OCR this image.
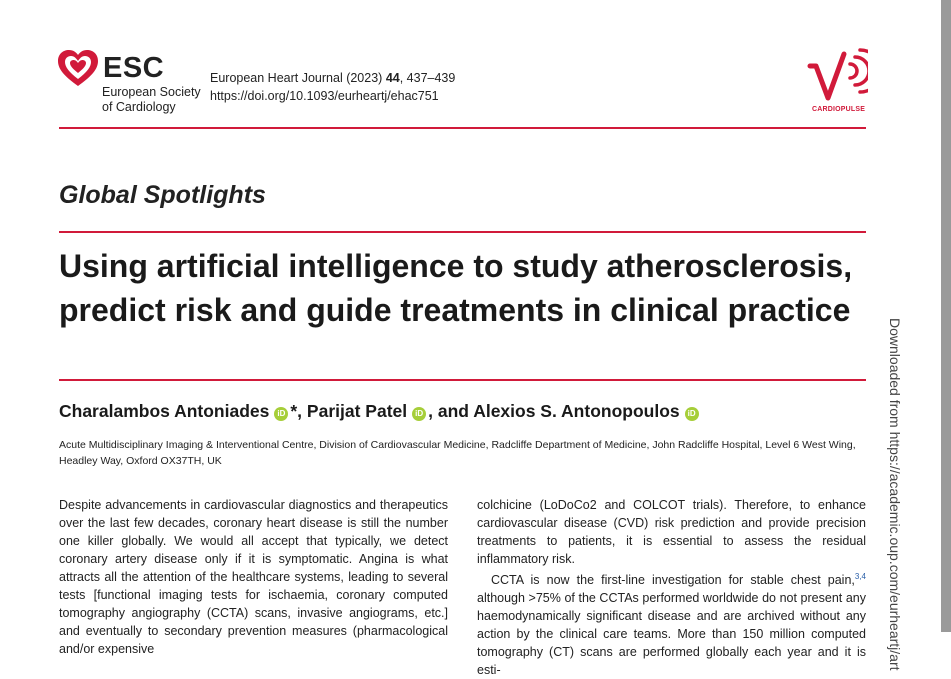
Downloaded from https://academic.oup.com/eurheartj/art
ESC
European Society
of Cardiology
European Heart Journal (2023) 44, 437–439
https://doi.org/10.1093/eurheartj/ehac751
CARDIOPULSE
Global Spotlights
Using artificial intelligence to study atherosclerosis, predict risk and guide treatments in clinical practice
Charalambos Antoniades iD *, Parijat Patel iD , and Alexios S. Antonopoulos iD
Acute Multidisciplinary Imaging & Interventional Centre, Division of Cardiovascular Medicine, Radcliffe Department of Medicine, John Radcliffe Hospital, Level 6 West Wing, Headley Way, Oxford OX37TH, UK

Despite advancements in cardiovascular diagnostics and therapeutics over the last few decades, coronary heart disease is still the number one killer globally. We would all accept that typically, we detect coronary artery disease only if it is symptomatic. Angina is what attracts all the attention of the healthcare systems, leading to several tests [functional imaging tests for ischaemia, coronary computed tomography angiography (CCTA) scans, invasive angiograms, etc.] and eventually to secondary prevention measures (pharmacological and/or expensive

colchicine (LoDoCo2 and COLCOT trials). Therefore, to enhance cardiovascular disease (CVD) risk prediction and provide precision treatments to patients, it is essential to assess the residual inflammatory risk.

CCTA is now the first-line investigation for stable chest pain,$^{3,4}$ although >75% of the CCTAs performed worldwide do not present any haemodynamically significant disease and are archived without any action by the clinical care teams. More than 150 million computed tomography (CT) scans are performed globally each year and it is esti-
